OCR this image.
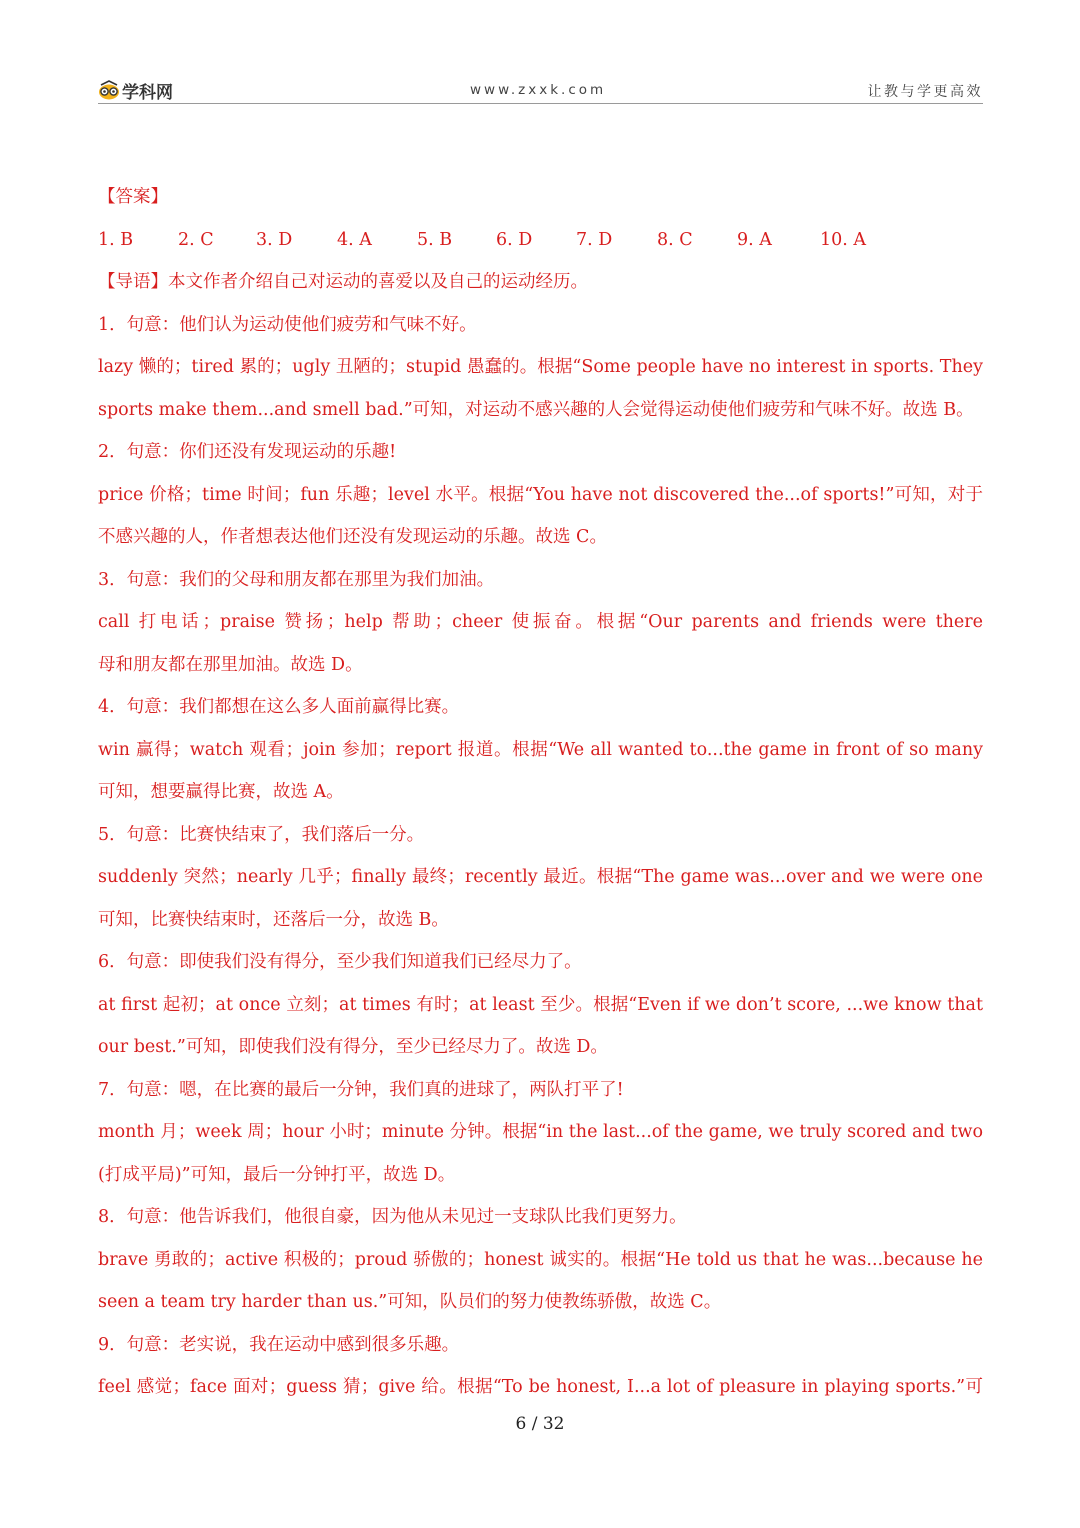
学科网	www.zxxk.com	让教与学更高效
【答案】
1. B	2. C	3. D	4. A	5. B	6. D	7. D	8. C	9. A	10. A
【导语】本文作者介绍自己对运动的喜爱以及自己的运动经历。
1．句意：他们认为运动使他们疲劳和气味不好。
lazy 懒的；tired 累的；ugly 丑陋的；stupid 愚蠢的。根据“Some people have no interest in sports. They
sports make them...and smell bad.”可知，对运动不感兴趣的人会觉得运动使他们疲劳和气味不好。故选 B。
2．句意：你们还没有发现运动的乐趣!
price 价格；time 时间；fun 乐趣；level 水平。根据“You have not discovered the...of sports!”可知，对于
不感兴趣的人，作者想表达他们还没有发现运动的乐趣。故选 C。
3．句意：我们的父母和朋友都在那里为我们加油。
call 打电话；praise 赞扬；help 帮助；cheer 使振奋。根据“Our parents and friends were there
母和朋友都在那里加油。故选 D。
4．句意：我们都想在这么多人面前赢得比赛。
win 赢得；watch 观看；join 参加；report 报道。根据“We all wanted to...the game in front of so many
可知，想要赢得比赛，故选 A。
5．句意：比赛快结束了，我们落后一分。
suddenly 突然；nearly 几乎；finally 最终；recently 最近。根据“The game was...over and we were one
可知，比赛快结束时，还落后一分，故选 B。
6．句意：即使我们没有得分，至少我们知道我们已经尽力了。
at first 起初；at once 立刻；at times 有时；at least 至少。根据“Even if we don’t score, ...we know that
our best.”可知，即使我们没有得分，至少已经尽力了。故选 D。
7．句意：嗯，在比赛的最后一分钟，我们真的进球了，两队打平了!
month 月；week 周；hour 小时；minute 分钟。根据“in the last...of the game, we truly scored and two
(打成平局)”可知，最后一分钟打平，故选 D。
8．句意：他告诉我们，他很自豪，因为他从未见过一支球队比我们更努力。
brave 勇敢的；active 积极的；proud 骄傲的；honest 诚实的。根据“He told us that he was...because he
seen a team try harder than us.”可知，队员们的努力使教练骄傲，故选 C。
9．句意：老实说，我在运动中感到很多乐趣。
feel 感觉；face 面对；guess 猜；give 给。根据“To be honest, I...a lot of pleasure in playing sports.”可
6 / 32
